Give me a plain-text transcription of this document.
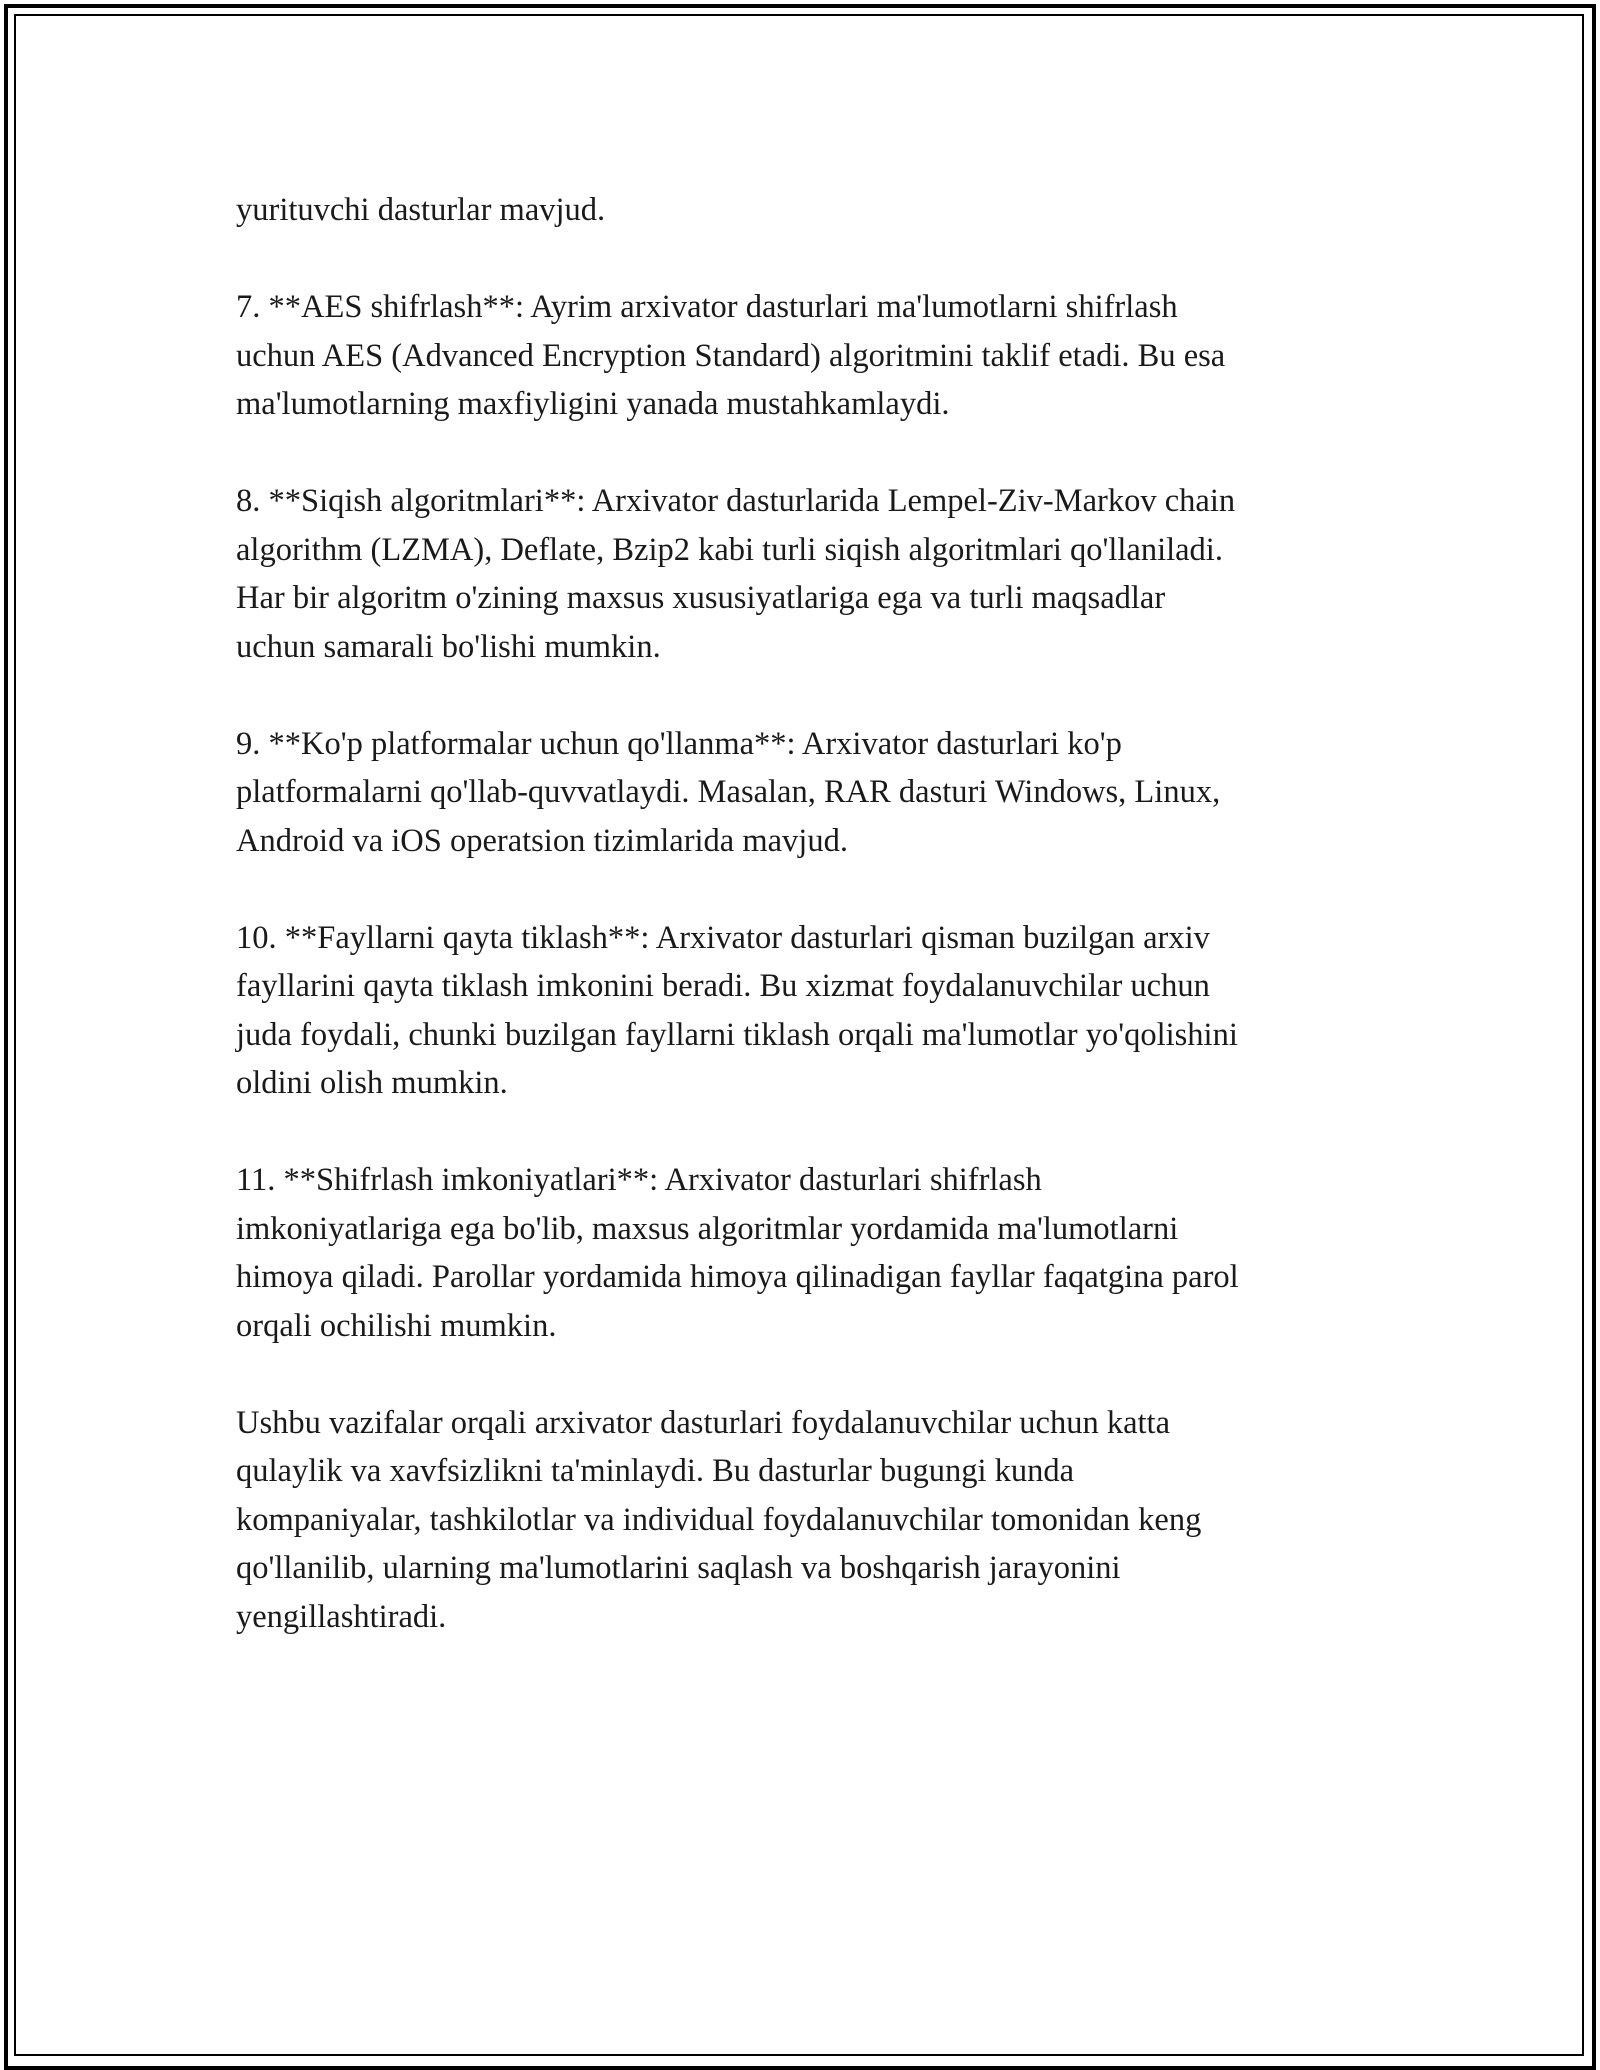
yurituvchi dasturlar mavjud.

7. **AES shifrlash**: Ayrim arxivator dasturlari ma'lumotlarni shifrlash
uchun AES (Advanced Encryption Standard) algoritmini taklif etadi. Bu esa
ma'lumotlarning maxfiyligini yanada mustahkamlaydi.

8. **Siqish algoritmlari**: Arxivator dasturlarida Lempel-Ziv-Markov chain
algorithm (LZMA), Deflate, Bzip2 kabi turli siqish algoritmlari qo'llaniladi.
Har bir algoritm o'zining maxsus xususiyatlariga ega va turli maqsadlar
uchun samarali bo'lishi mumkin.

9. **Ko'p platformalar uchun qo'llanma**: Arxivator dasturlari ko'p
platformalarni qo'llab-quvvatlaydi. Masalan, RAR dasturi Windows, Linux,
Android va iOS operatsion tizimlarida mavjud.

10. **Fayllarni qayta tiklash**: Arxivator dasturlari qisman buzilgan arxiv
fayllarini qayta tiklash imkonini beradi. Bu xizmat foydalanuvchilar uchun
juda foydali, chunki buzilgan fayllarni tiklash orqali ma'lumotlar yo'qolishini
oldini olish mumkin.

11. **Shifrlash imkoniyatlari**: Arxivator dasturlari shifrlash
imkoniyatlariga ega bo'lib, maxsus algoritmlar yordamida ma'lumotlarni
himoya qiladi. Parollar yordamida himoya qilinadigan fayllar faqatgina parol
orqali ochilishi mumkin.

Ushbu vazifalar orqali arxivator dasturlari foydalanuvchilar uchun katta
qulaylik va xavfsizlikni ta'minlaydi. Bu dasturlar bugungi kunda
kompaniyalar, tashkilotlar va individual foydalanuvchilar tomonidan keng
qo'llanilib, ularning ma'lumotlarini saqlash va boshqarish jarayonini
yengillashtiradi.
